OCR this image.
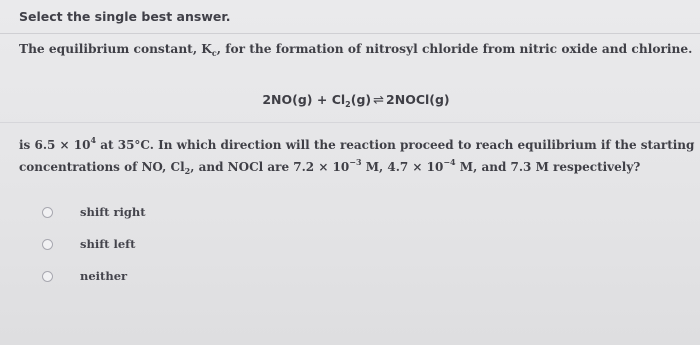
Select the single best answer.
The equilibrium constant, $K_c$, for the formation of nitrosyl chloride from nitric oxide and chlorine.
$2NO(g) + Cl_2(g)$ ⇌ 2NOCl(g)
is $6.5 \times 10^4$ at 35°C. In which direction will the reaction proceed to reach equilibrium if the starting
concentrations of NO, $Cl_2$, and NOCl are $7.2 \times 10^{-3}$ M, $4.7 \times 10^{-4}$ M, and 7.3 M respectively?
shift right
shift left
neither
